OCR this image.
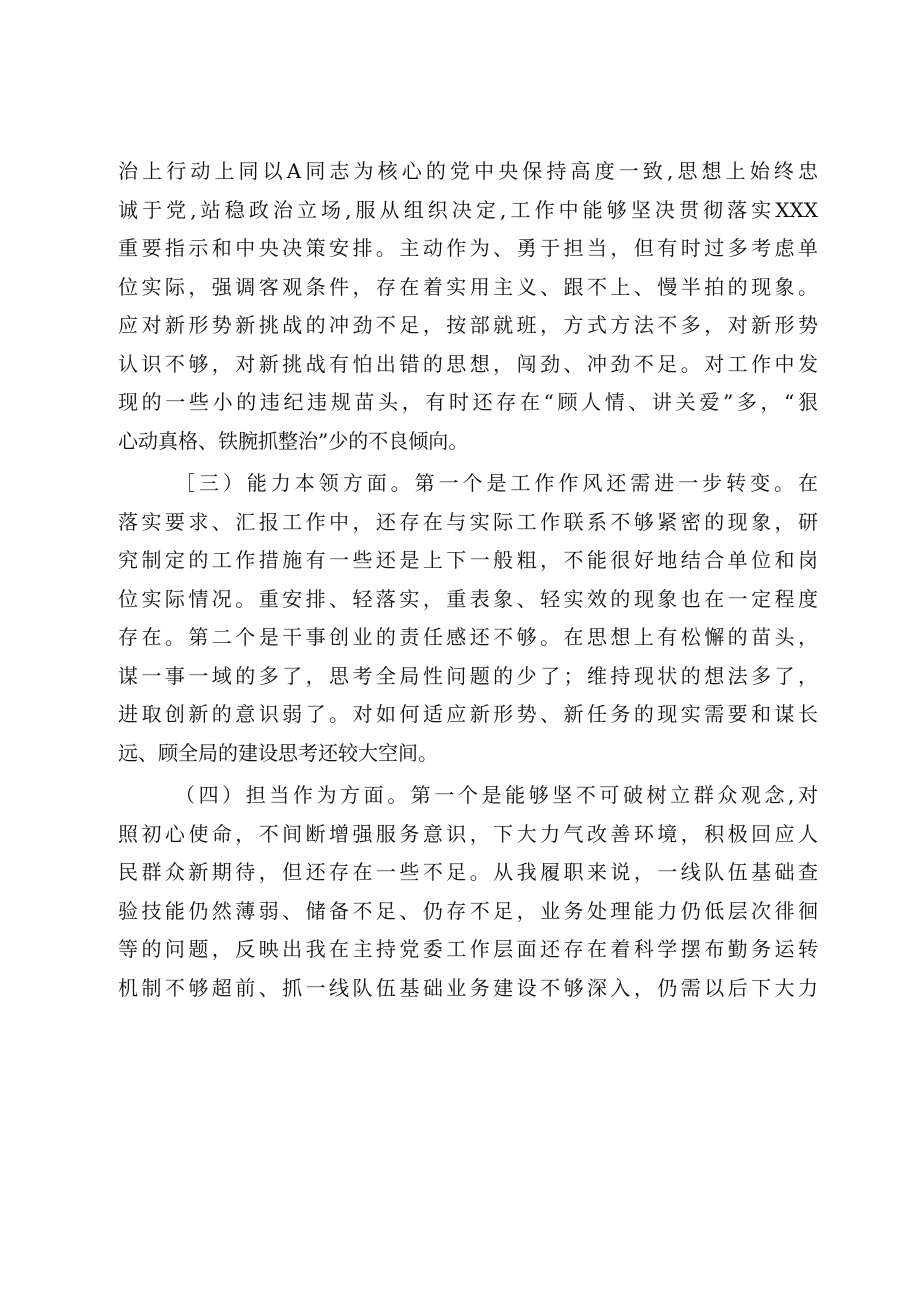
治上行动上同以A同志为核心的党中央保持高度一致,思想上始终忠
诚于党,站稳政治立场,服从组织决定,工作中能够坚决贯彻落实XXX
重要指示和中央决策安排。主动作为、勇于担当，但有时过多考虑单
位实际，强调客观条件，存在着实用主义、跟不上、慢半拍的现象。
应对新形势新挑战的冲劲不足，按部就班，方式方法不多，对新形势
认识不够，对新挑战有怕出错的思想，闯劲、冲劲不足。对工作中发
现的一些小的违纪违规苗头，有时还存在“顾人情、讲关爱”多，“狠
心动真格、铁腕抓整治”少的不良倾向。
［三）能力本领方面。第一个是工作作风还需进一步转变。在
落实要求、汇报工作中，还存在与实际工作联系不够紧密的现象，研
究制定的工作措施有一些还是上下一般粗，不能很好地结合单位和岗
位实际情况。重安排、轻落实，重表象、轻实效的现象也在一定程度
存在。第二个是干事创业的责任感还不够。在思想上有松懈的苗头，
谋一事一域的多了，思考全局性问题的少了；维持现状的想法多了，
进取创新的意识弱了。对如何适应新形势、新任务的现实需要和谋长
远、顾全局的建设思考还较大空间。
（四）担当作为方面。第一个是能够坚不可破树立群众观念,对
照初心使命，不间断增强服务意识，下大力气改善环境，积极回应人
民群众新期待，但还存在一些不足。从我履职来说，一线队伍基础查
验技能仍然薄弱、储备不足、仍存不足，业务处理能力仍低层次徘徊
等的问题，反映出我在主持党委工作层面还存在着科学摆布勤务运转
机制不够超前、抓一线队伍基础业务建设不够深入，仍需以后下大力
